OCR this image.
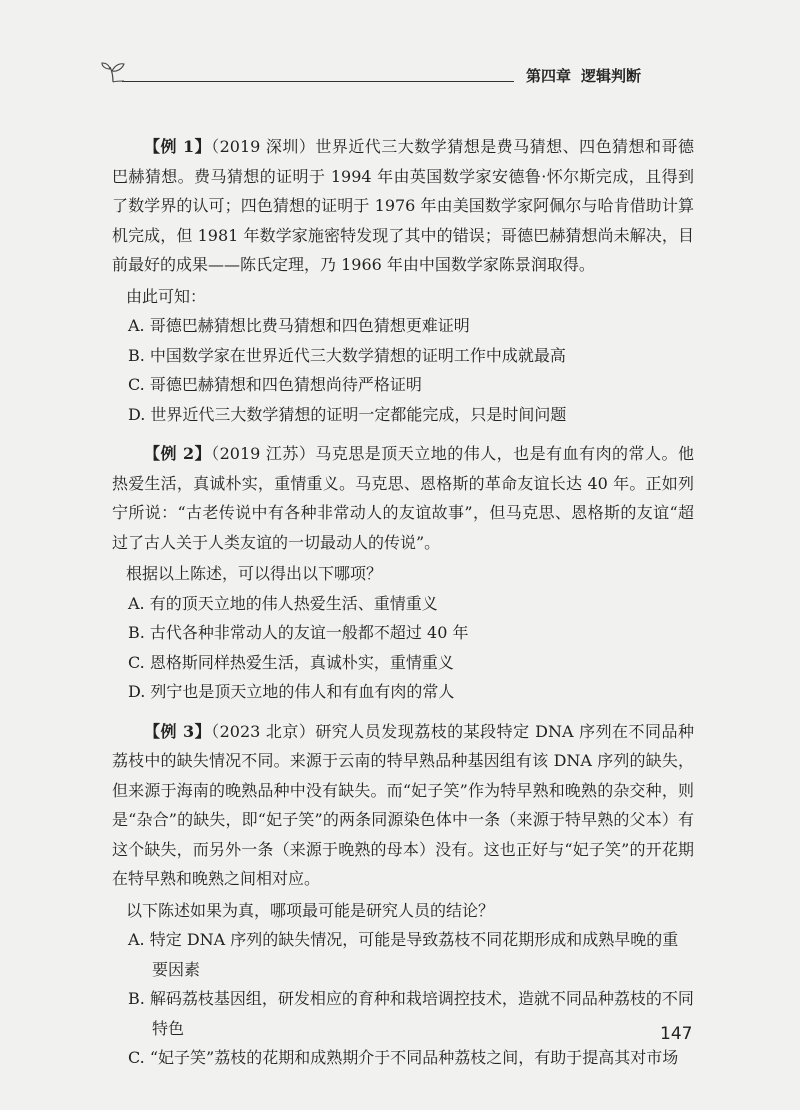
第四章 逻辑判断

【例 1】（2019 深圳）世界近代三大数学猜想是费马猜想、四色猜想和哥德巴赫猜想。费马猜想的证明于 1994 年由英国数学家安德鲁·怀尔斯完成，且得到了数学界的认可；四色猜想的证明于 1976 年由美国数学家阿佩尔与哈肯借助计算机完成，但 1981 年数学家施密特发现了其中的错误；哥德巴赫猜想尚未解决，目前最好的成果——陈氏定理，乃 1966 年由中国数学家陈景润取得。

由此可知：

A. 哥德巴赫猜想比费马猜想和四色猜想更难证明

B. 中国数学家在世界近代三大数学猜想的证明工作中成就最高

C. 哥德巴赫猜想和四色猜想尚待严格证明

D. 世界近代三大数学猜想的证明一定都能完成，只是时间问题

【例 2】（2019 江苏）马克思是顶天立地的伟人，也是有血有肉的常人。他热爱生活，真诚朴实，重情重义。马克思、恩格斯的革命友谊长达 40 年。正如列宁所说：“古老传说中有各种非常动人的友谊故事”，但马克思、恩格斯的友谊“超过了古人关于人类友谊的一切最动人的传说”。

根据以上陈述，可以得出以下哪项？

A. 有的顶天立地的伟人热爱生活、重情重义

B. 古代各种非常动人的友谊一般都不超过 40 年

C. 恩格斯同样热爱生活，真诚朴实，重情重义

D. 列宁也是顶天立地的伟人和有血有肉的常人

【例 3】（2023 北京）研究人员发现荔枝的某段特定 DNA 序列在不同品种荔枝中的缺失情况不同。来源于云南的特早熟品种基因组有该 DNA 序列的缺失，但来源于海南的晚熟品种中没有缺失。而“妃子笑”作为特早熟和晚熟的杂交种，则是“杂合”的缺失，即“妃子笑”的两条同源染色体中一条（来源于特早熟的父本）有这个缺失，而另外一条（来源于晚熟的母本）没有。这也正好与“妃子笑”的开花期在特早熟和晚熟之间相对应。

以下陈述如果为真，哪项最可能是研究人员的结论？

A. 特定 DNA 序列的缺失情况，可能是导致荔枝不同花期形成和成熟早晚的重要因素

B. 解码荔枝基因组，研发相应的育种和栽培调控技术，造就不同品种荔枝的不同特色

C. “妃子笑”荔枝的花期和成熟期介于不同品种荔枝之间，有助于提高其对市场

147
